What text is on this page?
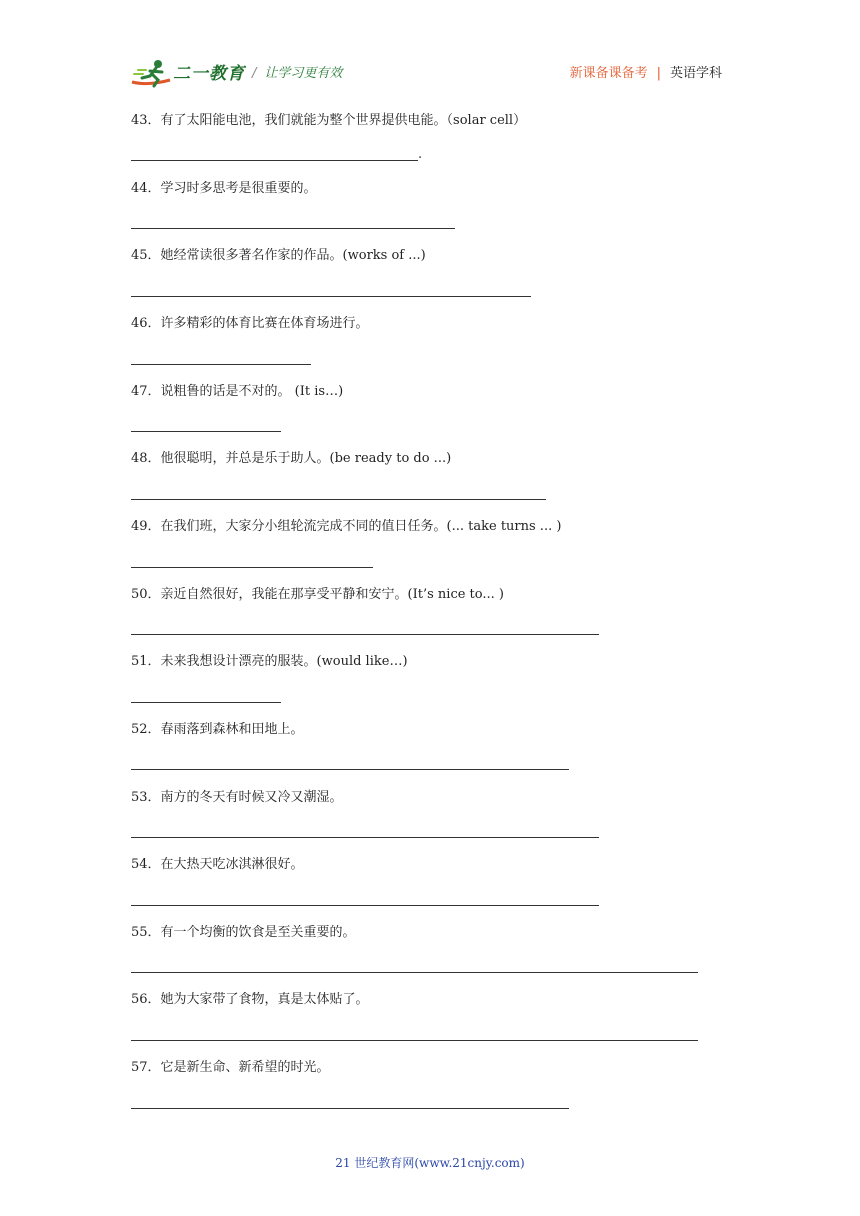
二一教育 / 让学习更有效	新课备课备考 | 英语学科
43．有了太阳能电池，我们就能为整个世界提供电能。（solar cell）
.
44．学习时多思考是很重要的。
45．她经常读很多著名作家的作品。(works of ...)
46．许多精彩的体育比赛在体育场进行。
47．说粗鲁的话是不对的。 (It is…)
48．他很聪明，并总是乐于助人。(be ready to do ...)
49．在我们班，大家分小组轮流完成不同的值日任务。(... take turns ... )
50．亲近自然很好，我能在那享受平静和安宁。(It’s nice to... )
51．未来我想设计漂亮的服装。(would like…)
52．春雨落到森林和田地上。
53．南方的冬天有时候又冷又潮湿。
54．在大热天吃冰淇淋很好。
55．有一个均衡的饮食是至关重要的。
56．她为大家带了食物，真是太体贴了。
57．它是新生命、新希望的时光。
21 世纪教育网(www.21cnjy.com)
